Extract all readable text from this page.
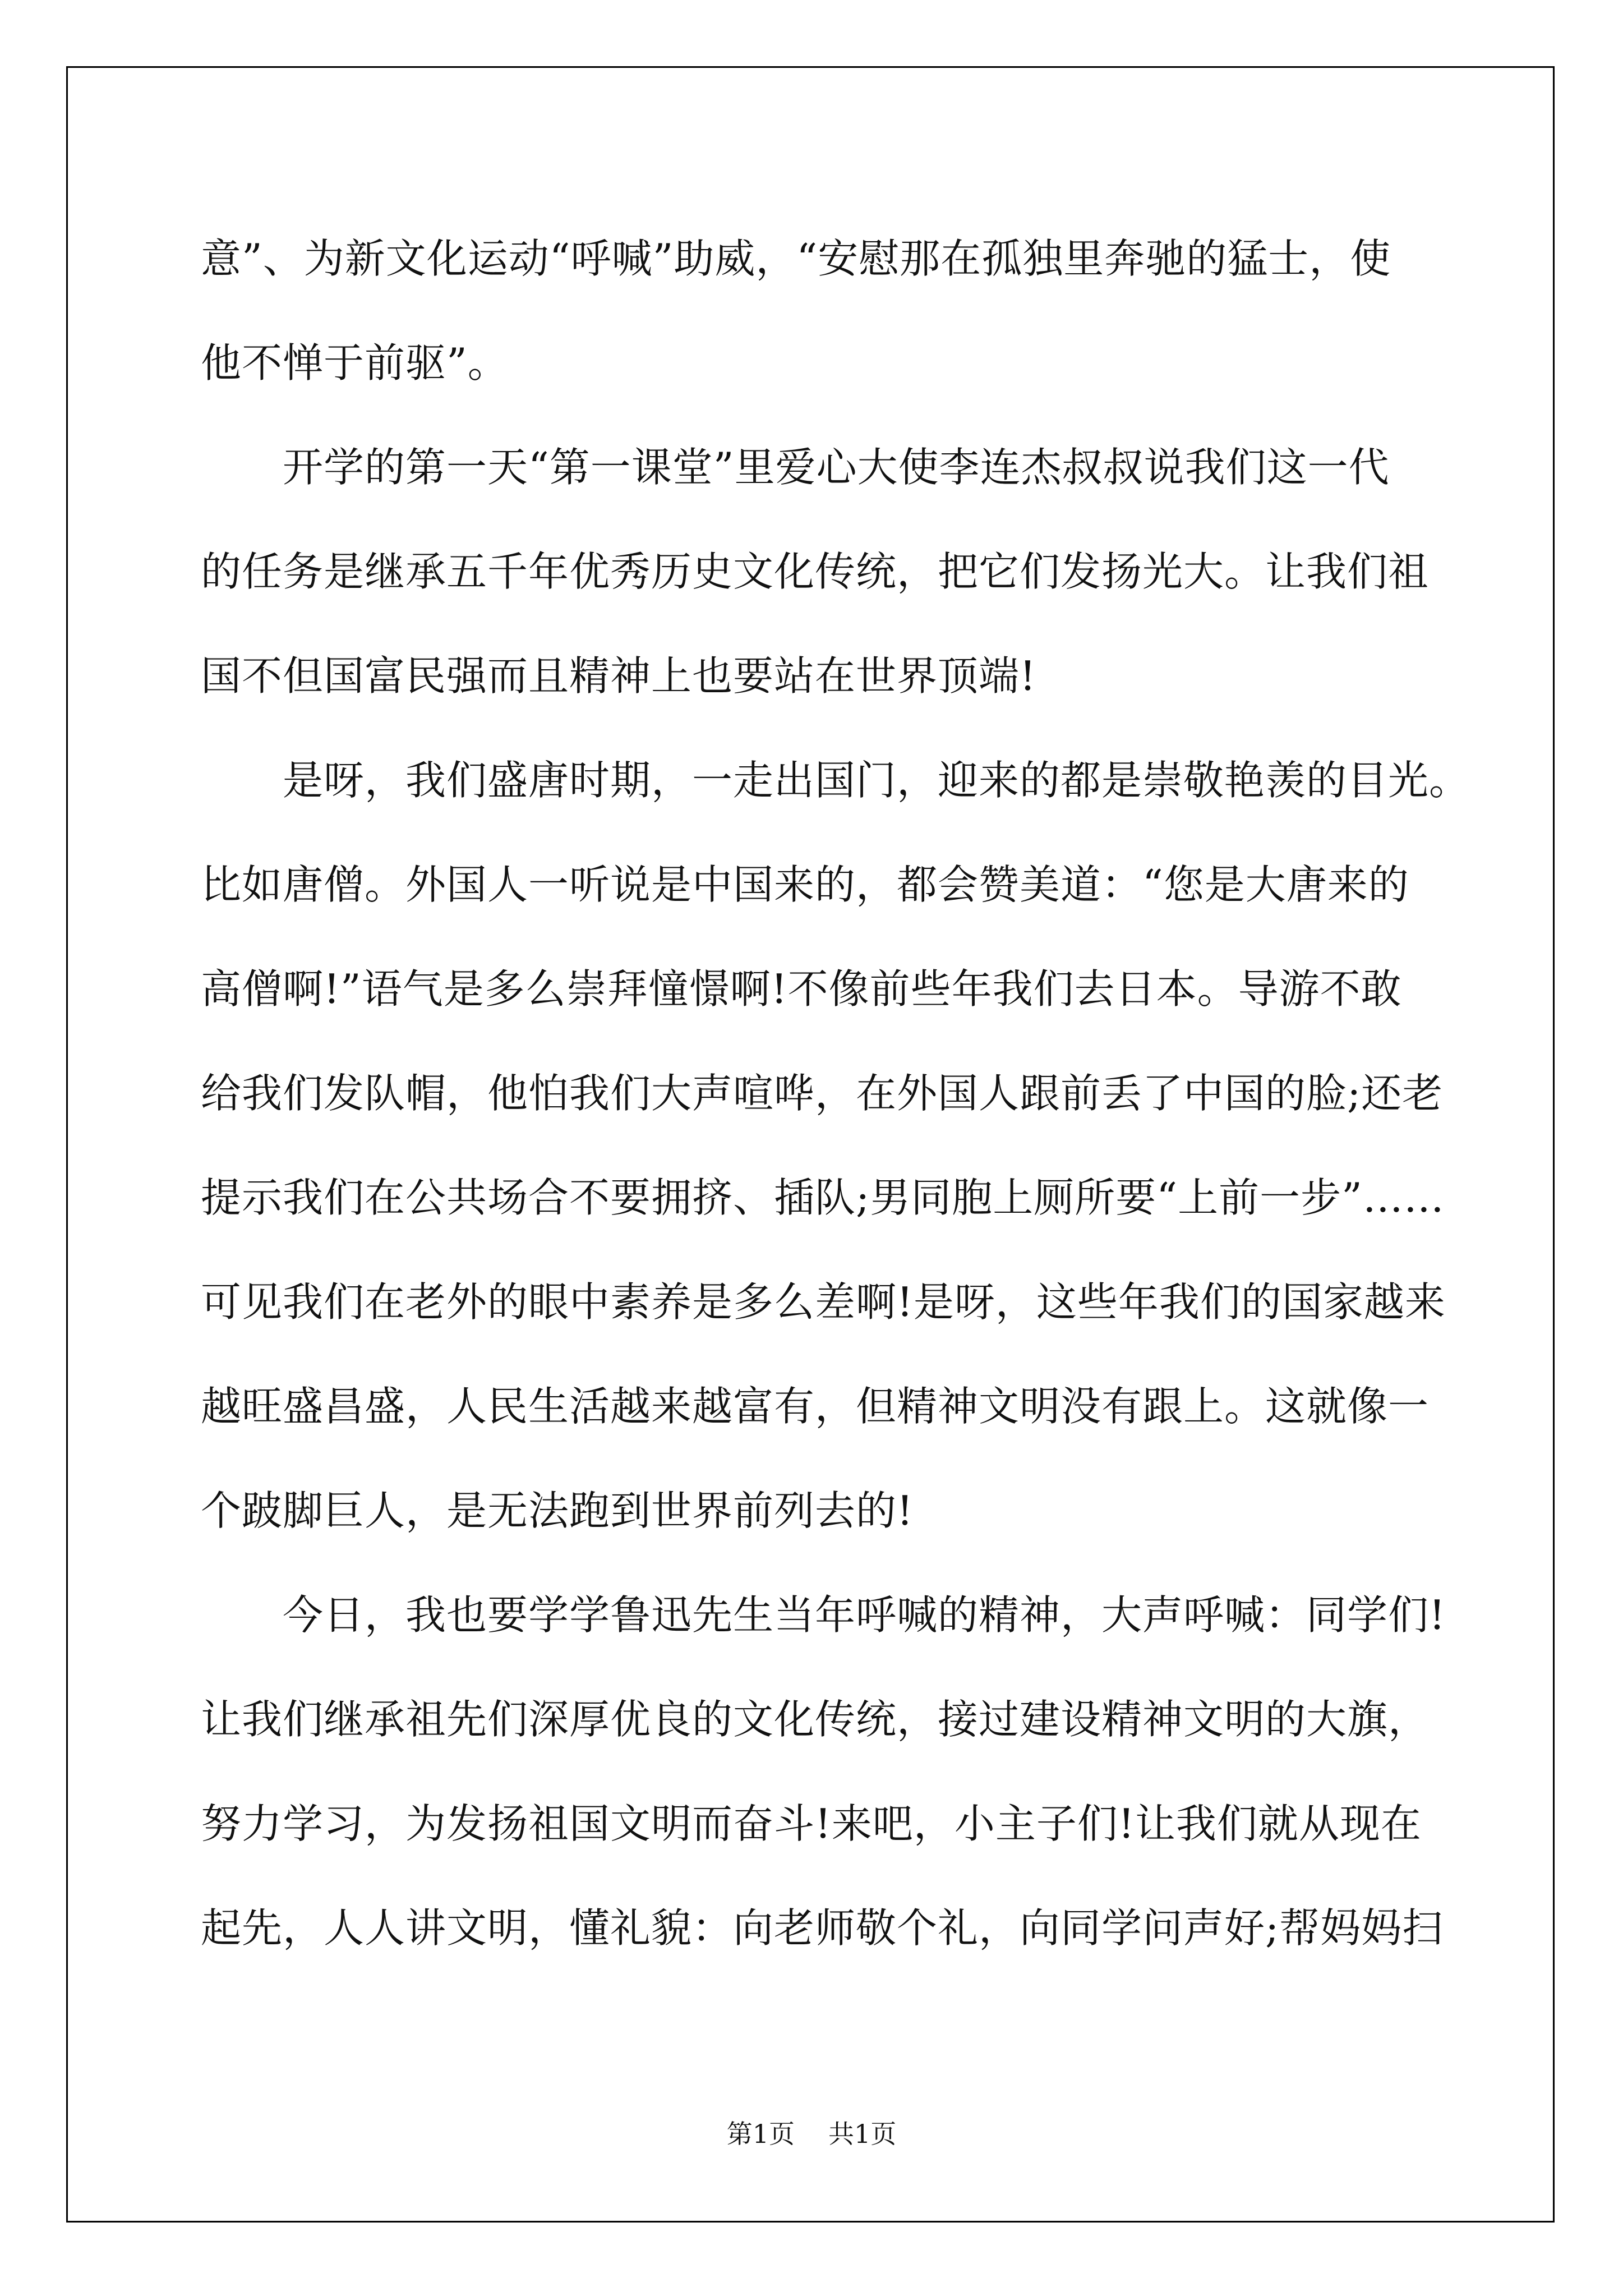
意”、为新文化运动“呼喊”助威，“安慰那在孤独里奔驰的猛士，使
他不惮于前驱”。
　　开学的第一天“第一课堂”里爱心大使李连杰叔叔说我们这一代
的任务是继承五千年优秀历史文化传统，把它们发扬光大。让我们祖
国不但国富民强而且精神上也要站在世界顶端!
　　是呀，我们盛唐时期，一走出国门，迎来的都是崇敬艳羡的目光。
比如唐僧。外国人一听说是中国来的，都会赞美道：“您是大唐来的
高僧啊!”语气是多么崇拜憧憬啊!不像前些年我们去日本。导游不敢
给我们发队帽，他怕我们大声喧哗，在外国人跟前丢了中国的脸;还老
提示我们在公共场合不要拥挤、插队;男同胞上厕所要“上前一步”……
可见我们在老外的眼中素养是多么差啊!是呀，这些年我们的国家越来
越旺盛昌盛，人民生活越来越富有，但精神文明没有跟上。这就像一
个跛脚巨人，是无法跑到世界前列去的!
　　今日，我也要学学鲁迅先生当年呼喊的精神，大声呼喊：同学们!
让我们继承祖先们深厚优良的文化传统，接过建设精神文明的大旗，
努力学习，为发扬祖国文明而奋斗!来吧，小主子们!让我们就从现在
起先，人人讲文明，懂礼貌：向老师敬个礼，向同学问声好;帮妈妈扫
第1页 共1页
